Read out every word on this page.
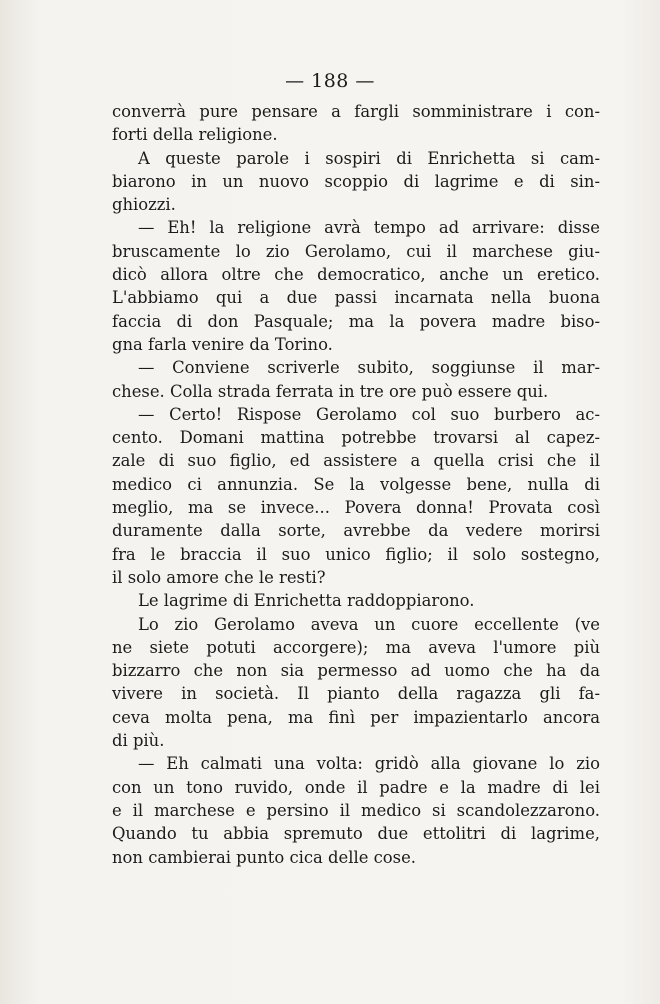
— 188 —
converrà pure pensare a fargli somministrare i con-
forti della religione.
A queste parole i sospiri di Enrichetta si cam-
biarono in un nuovo scoppio di lagrime e di sin-
ghiozzi.
— Eh! la religione avrà tempo ad arrivare: disse
bruscamente lo zio Gerolamo, cui il marchese giu-
dicò allora oltre che democratico, anche un eretico.
L'abbiamo qui a due passi incarnata nella buona
faccia di don Pasquale; ma la povera madre biso-
gna farla venire da Torino.
— Conviene scriverle subito, soggiunse il mar-
chese. Colla strada ferrata in tre ore può essere qui.
— Certo! Rispose Gerolamo col suo burbero ac-
cento. Domani mattina potrebbe trovarsi al capez-
zale di suo figlio, ed assistere a quella crisi che il
medico ci annunzia. Se la volgesse bene, nulla di
meglio, ma se invece... Povera donna! Provata così
duramente dalla sorte, avrebbe da vedere morirsi
fra le braccia il suo unico figlio; il solo sostegno,
il solo amore che le resti?
Le lagrime di Enrichetta raddoppiarono.
Lo zio Gerolamo aveva un cuore eccellente (ve
ne siete potuti accorgere); ma aveva l'umore più
bizzarro che non sia permesso ad uomo che ha da
vivere in società. Il pianto della ragazza gli fa-
ceva molta pena, ma finì per impazientarlo ancora
di più.
— Eh calmati una volta: gridò alla giovane lo zio
con un tono ruvido, onde il padre e la madre di lei
e il marchese e persino il medico si scandolezzarono.
Quando tu abbia spremuto due ettolitri di lagrime,
non cambierai punto cica delle cose.
